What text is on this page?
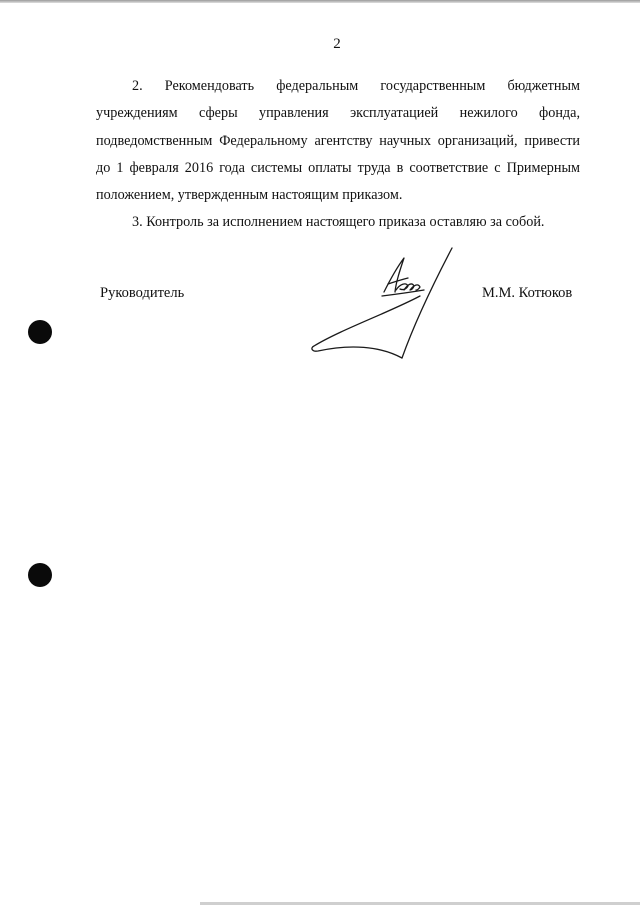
2

2. Рекомендовать федеральным государственным бюджетным учреждениям сферы управления эксплуатацией нежилого фонда, подведомственным Федеральному агентству научных организаций, привести до 1 февраля 2016 года системы оплаты труда в соответствие с Примерным положением, утвержденным настоящим приказом.

3. Контроль за исполнением настоящего приказа оставляю за собой.

Руководитель	М.М. Котюков
